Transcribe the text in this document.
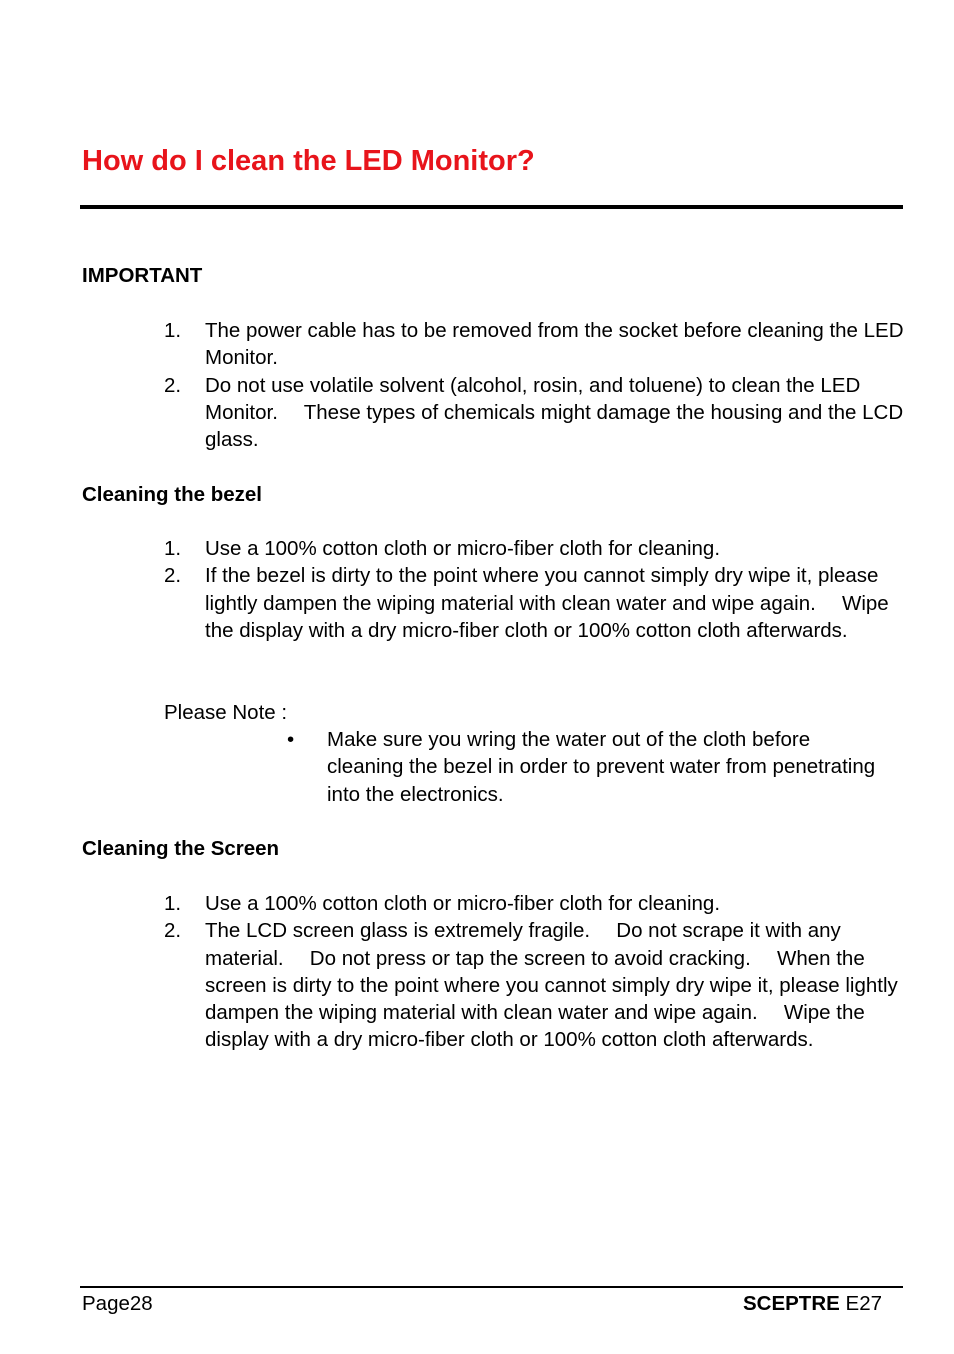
How do I clean the LED Monitor?
IMPORTANT
1. The power cable has to be removed from the socket before cleaning the LED Monitor.
2. Do not use volatile solvent (alcohol, rosin, and toluene) to clean the LED Monitor.  These types of chemicals might damage the housing and the LCD glass.
Cleaning the bezel
1. Use a 100% cotton cloth or micro-fiber cloth for cleaning.
2. If the bezel is dirty to the point where you cannot simply dry wipe it, please lightly dampen the wiping material with clean water and wipe again.  Wipe the display with a dry micro-fiber cloth or 100% cotton cloth afterwards.
Please Note :
• Make sure you wring the water out of the cloth before cleaning the bezel in order to prevent water from penetrating into the electronics.
Cleaning the Screen
1. Use a 100% cotton cloth or micro-fiber cloth for cleaning.
2. The LCD screen glass is extremely fragile.  Do not scrape it with any material.  Do not press or tap the screen to avoid cracking.  When the screen is dirty to the point where you cannot simply dry wipe it, please lightly dampen the wiping material with clean water and wipe again.  Wipe the display with a dry micro-fiber cloth or 100% cotton cloth afterwards.
Page28	SCEPTRE E27
